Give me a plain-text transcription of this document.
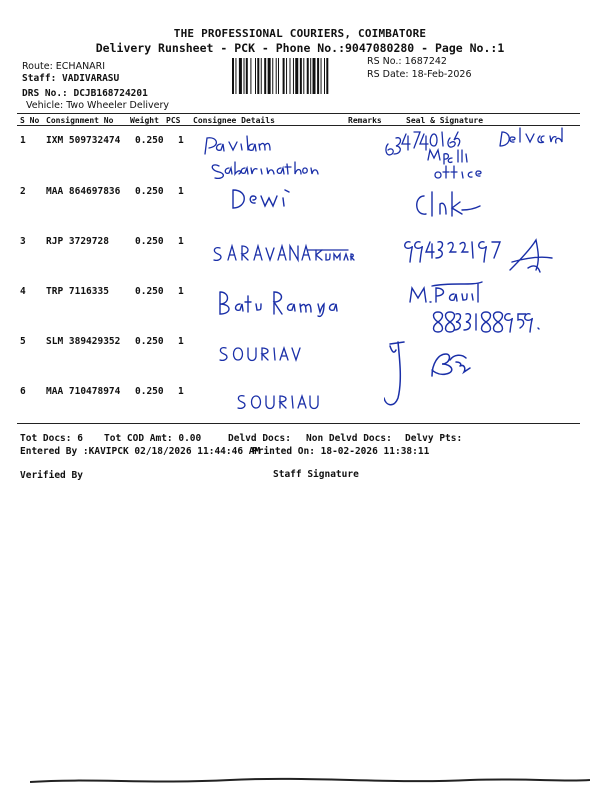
THE PROFESSIONAL COURIERS, COIMBATORE
Delivery Runsheet - PCK - Phone No.:9047080280 - Page No.:1
Route: ECHANARI
Staff: VADIVARASU
DRS No.: DCJB168724201
Vehicle: Two Wheeler Delivery
RS No.: 1687242
RS Date: 18-Feb-2026
S No Consignment No Weight PCS Consignee Details	Remarks	Seal & Signature
1 IXM 509732474 0.250 1
2 MAA 864697836 0.250 1
3 RJP 3729728	0.250 1
4 TRP 7116335	0.250 1
5 SLM 389429352 0.250 1
6 MAA 710478974 0.250 1
Tot Docs: 6 Tot COD Amt: 0.00	Delvd Docs: Non Delvd Docs: Delvy Pts:
Entered By :KAVIPCK 02/18/2026 11:44:46 AM
Printed On: 18-02-2026 11:38:11
Verified By	Staff Signature
